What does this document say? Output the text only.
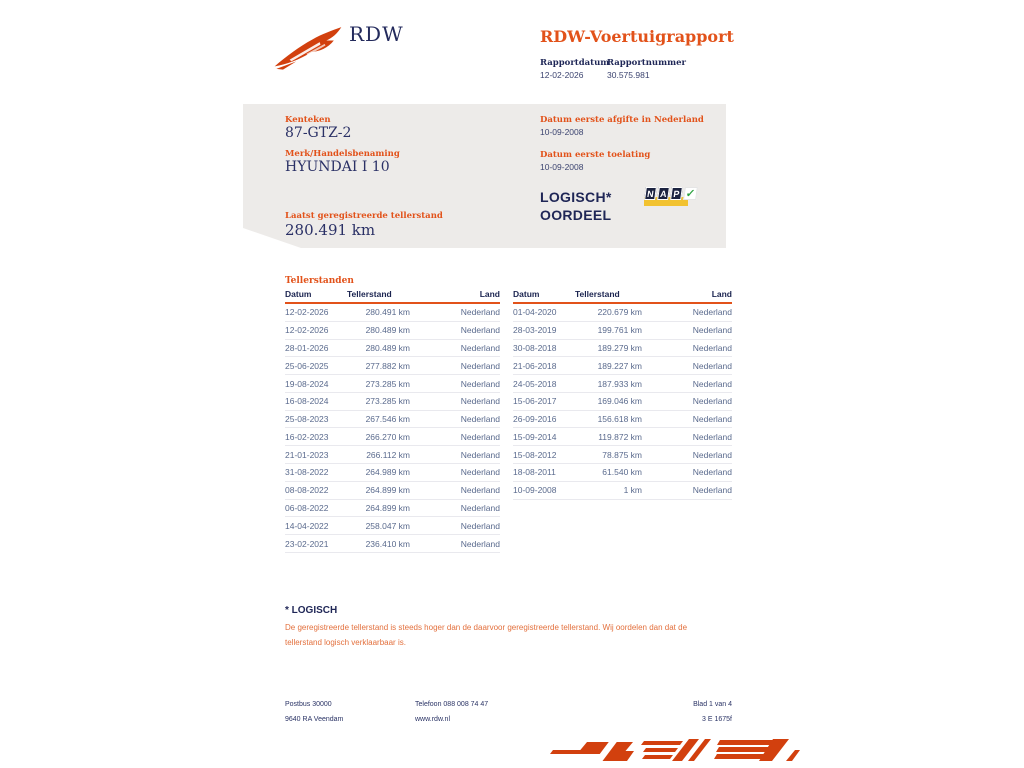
RDW	RDW-Voertuigrapport
Rapportdatum
12-02-2026
Rapportnummer
30.575.981
Kenteken
87-GTZ-2
Merk/Handelsbenaming
HYUNDAI I 10
Laatst geregistreerde tellerstand
280.491 km
Datum eerste afgifte in Nederland
10-09-2008
Datum eerste toelating
10-09-2008
LOGISCH*
OORDEEL
N A P ✓
Tellerstanden
Datum	Tellerstand	Land
12-02-2026	280.491 km	Nederland
12-02-2026	280.489 km	Nederland
28-01-2026	280.489 km	Nederland
25-06-2025	277.882 km	Nederland
19-08-2024	273.285 km	Nederland
16-08-2024	273.285 km	Nederland
25-08-2023	267.546 km	Nederland
16-02-2023	266.270 km	Nederland
21-01-2023	266.112 km	Nederland
31-08-2022	264.989 km	Nederland
08-08-2022	264.899 km	Nederland
06-08-2022	264.899 km	Nederland
14-04-2022	258.047 km	Nederland
23-02-2021	236.410 km	Nederland
Datum	Tellerstand	Land
01-04-2020	220.679 km	Nederland
28-03-2019	199.761 km	Nederland
30-08-2018	189.279 km	Nederland
21-06-2018	189.227 km	Nederland
24-05-2018	187.933 km	Nederland
15-06-2017	169.046 km	Nederland
26-09-2016	156.618 km	Nederland
15-09-2014	119.872 km	Nederland
15-08-2012	78.875 km	Nederland
18-08-2011	61.540 km	Nederland
10-09-2008	1 km	Nederland
* LOGISCH
De geregistreerde tellerstand is steeds hoger dan de daarvoor geregistreerde tellerstand. Wij oordelen dan dat de tellerstand logisch verklaarbaar is.
Postbus 30000
9640 RA Veendam
Telefoon 088 008 74 47
www.rdw.nl
Blad 1 van 4
3 E 1675f
